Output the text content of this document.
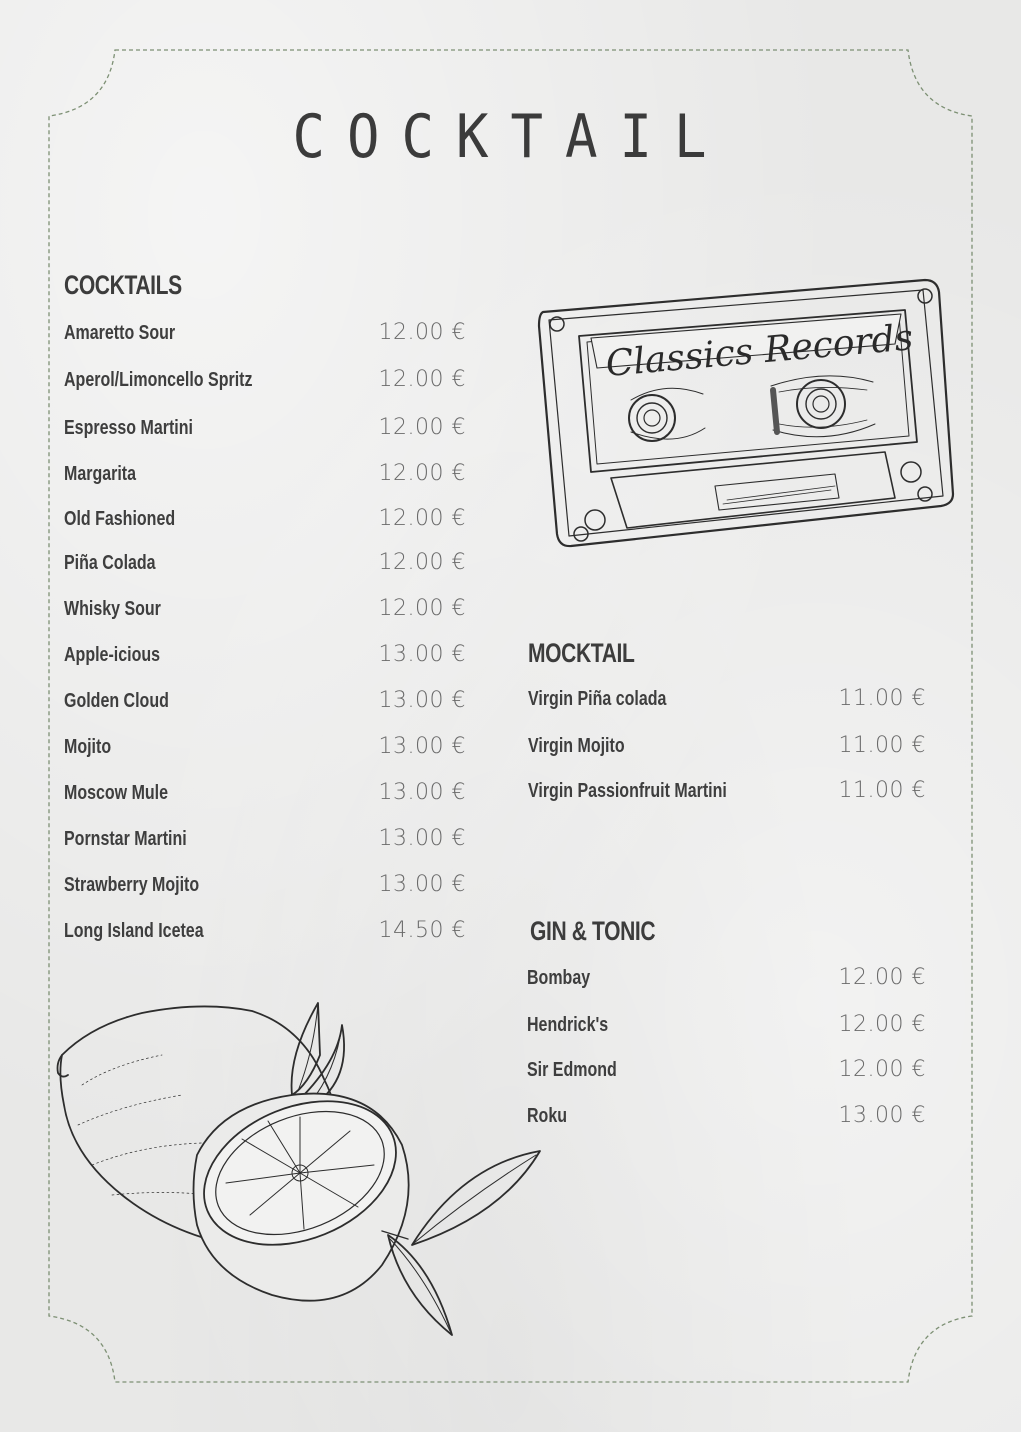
COCKTAIL
COCKTAILS
Amaretto Sour	12.00 €
Aperol/Limoncello Spritz	12.00 €
Espresso Martini	12.00 €
Margarita	12.00 €
Old Fashioned	12.00 €
Piña Colada	12.00 €
Whisky Sour	12.00 €
Apple-icious	13.00 €
Golden Cloud	13.00 €
Mojito	13.00 €
Moscow Mule	13.00 €
Pornstar Martini	13.00 €
Strawberry Mojito	13.00 €
Long Island Icetea	14.50 €
MOCKTAIL
Virgin Piña colada	11.00 €
Virgin Mojito	11.00 €
Virgin Passionfruit Martini	11.00 €
GIN & TONIC
Bombay	12.00 €
Hendrick's	12.00 €
Sir Edmond	12.00 €
Roku	13.00 €
Classics Records
